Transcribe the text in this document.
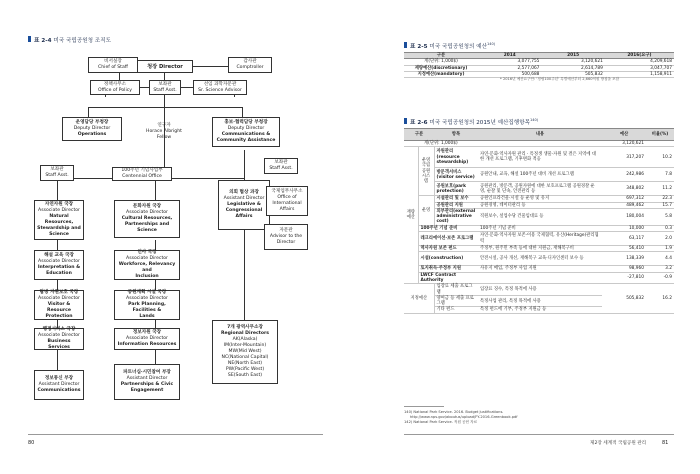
표 2-4 미국 국립공원청 조직도
비서실장
Chief of Staff	청장 Director
감사관
Comptroller
정책사무소
Office of Policy
보좌관
Staff Asst.
선임 과학자문관
Sr. Science Advisor
운영담당 부청장
Deputy Director
Operations
연구자
Horace Albright
Fellow
홍보·협력담당 부청장
Deputy Director
Communications &
Community Assistance
보좌관
Staff Asst.
100주년 기념사업부
Centennial Office
보좌관
Staff Asst.
자연자원 국장
Associate Director
Natural Resources,
Stewardship and
Science
문화자원 국장
Associate Director
Cultural Resources,
Partnerships and Science
의회 협상 과장
Assistant Director
Legislative &
Congressional
Affairs
국제업무사무소
Office of
International
Affairs
자문관
Advisor to the
Director
해설 교육 국장
Associate Director
Interpretation &
Education
인사 국장
Associate Director
Workforce, Relevancy and
Inclusion
탐방 자원보호 국장
Associate Director
Visitor & Resource
Protection
공원계획 시설 국장
Associate Director
Park Planning, Facilities &
Lands
행정서비스 국장
Associate Director
Business Services
정보자원 국장
Associate Director
Information Resources
정보통신 부장
Assistant Director
Communications
파트너십·시민참여 부장
Assistant Director
Partnerships & Civic
Engagement
7개 광역사무소장
Regional Directors
AK(Alaska)
IM(Inter-Mountain)
MW(Mid West)
NC(National Capital)
NE(North East)
PW(Pacific West)
SE(South East)
80
표 2-5 미국 국립공원청의 예산$^{140)}$
구분	2014	2015	2016(요구)
계(단위: 1,000$)	3,077,755	3,120,621	4,209,618
재량예산(discretionary)	2,577,067	2,614,789	3,047,707
지정예산(mandatory)	500,688	505,832	1,158,911
* 2016년 예산요구안: '정립100주년' 특별예산부터 2,660억원 방침을 포함
표 2-6 미국 국립공원청의 2015년 예산집행항목$^{140)}$
구분		항목	내용	예산	비율(%)
계(단위: 1,000$)				3,120,621	
재량예산	운영국립공원시스템	자원관리(resource stewardship)	자연·문화·역사자원 관리 · 특정생 생물·자원 및 결은 지역에 대한 개선 프로그램, 기후변화 적응	317,207	10.2
		방문객서비스(visitor service)	공원안내, 교육, 해설 100주년 대비 개선 프로그램	242,986	7.8
		공원보호(park protection)	공원관리, 방문객, 공원자원에 대한 보호프로그램 공원경찰 운영, 순찰 및 단속, 안전관리 등	348,802	11.2
	운영	시설관리 및 보수	공원인프라건물·시설 등 운영 및 유지	697,312	22.3
		공원관리 지원	공원경영, 데이터관리 등	489,462	15.7
		외부관리(external administrative cost)	직원보수, 설업수당 건물임대료 등	180,004	5.8
	100주년 기념 준비		100주년 기념 준비	10,000	0.3
	레크리에이션·보존 프로그램		자연·문화·역사자원 보존·이용 국제협력, 유산(Heritage)관리협력	63,117	2.0
	역사자원 보존 펀드		주정부, 원주민 부족 등에 대한 지원금, 재해복구비	56,410	1.9
	시설(construction)		안전시설, 공사 개선, 재해복구 교육·디자인센터 보수 등	138,339	4.4
	토지취득·주정부 지원		사유지 매입, 주정부 사업 지원	98,960	3.2
	LWCF Contract Authority			-27,810	-0.9
지정예산		입장료 세출 프로그램	입장료 징수, 특정 목적에 사용	505,832	16.2
		양여금 등 세출 프로그램	특정사업 관리, 특정 목적에 사용		
		기타 펀드	특정 펀드에 기부, 주정부 지원금 등		
140) National Park Service. 2016. Budget Justifications.
http://www.nps.gov/aboutus/upload/FY-2016-Greenbook.pdf
142) National Park Service. 직원 공헌 자료
제2장 세계적 국립공원 관리	81
